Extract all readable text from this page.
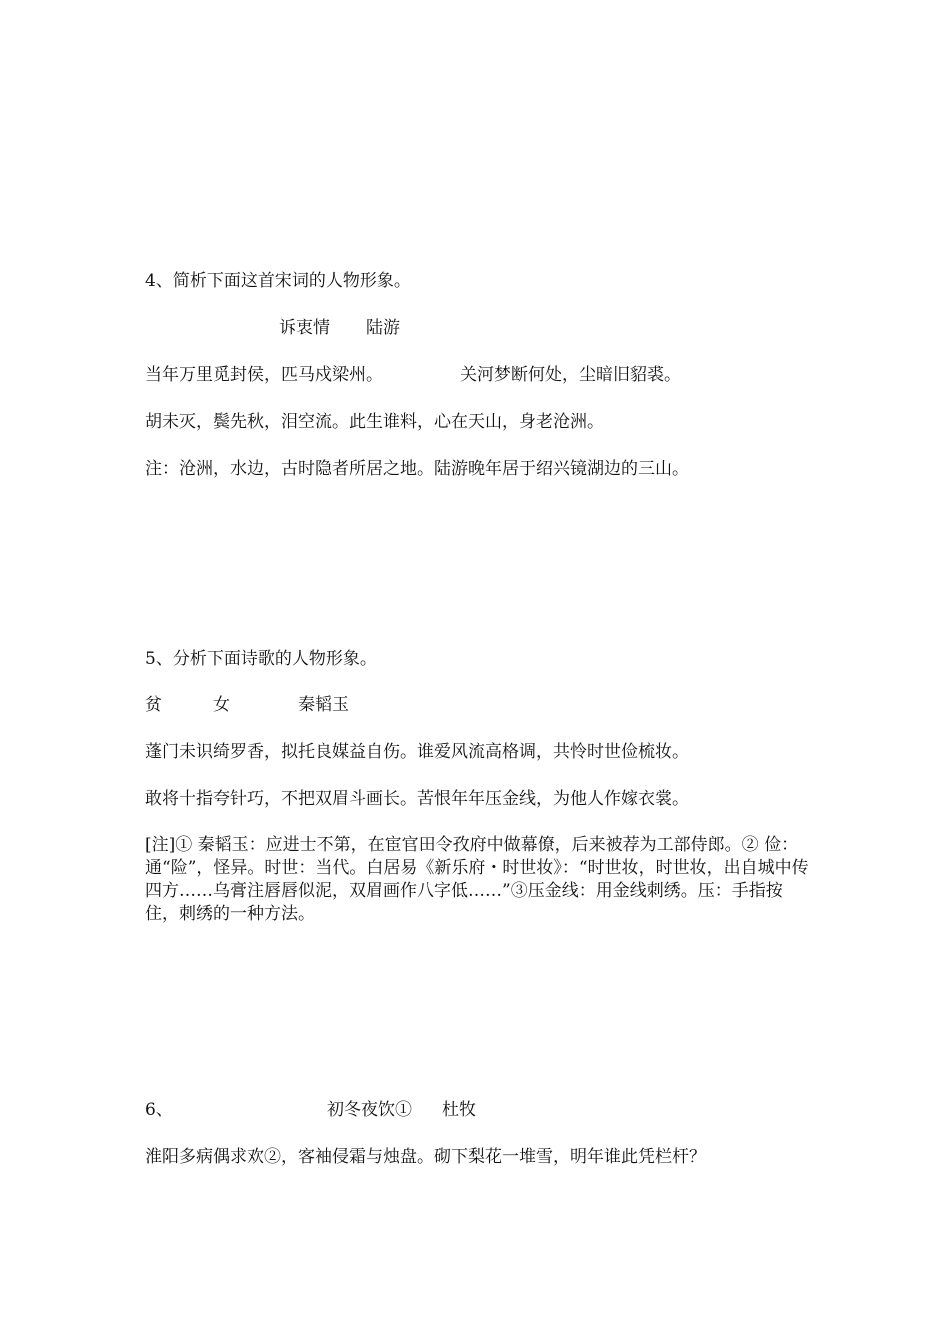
4、简析下面这首宋词的人物形象。
诉衷情 陆游
当年万里觅封侯，匹马戍梁州。	关河梦断何处，尘暗旧貂裘。
胡未灭，鬓先秋，泪空流。此生谁料，心在天山，身老沧洲。
注：沧洲，水边，古时隐者所居之地。陆游晚年居于绍兴镜湖边的三山。
5、分析下面诗歌的人物形象。
贫	女	秦韬玉
蓬门未识绮罗香，拟托良媒益自伤。谁爱风流高格调，共怜时世俭梳妆。
敢将十指夸针巧，不把双眉斗画长。苦恨年年压金线，为他人作嫁衣裳。
[注]① 秦韬玉：应进士不第，在宦官田令孜府中做幕僚，后来被荐为工部侍郎。② 俭：通“险”，怪异。时世：当代。白居易《新乐府・时世妆》：“时世妆，时世妆，出自城中传四方……乌膏注唇唇似泥，双眉画作八字低……”③压金线：用金线刺绣。压：手指按住，刺绣的一种方法。
6、	初冬夜饮① 杜牧
淮阳多病偶求欢②，客袖侵霜与烛盘。砌下梨花一堆雪，明年谁此凭栏杆？
